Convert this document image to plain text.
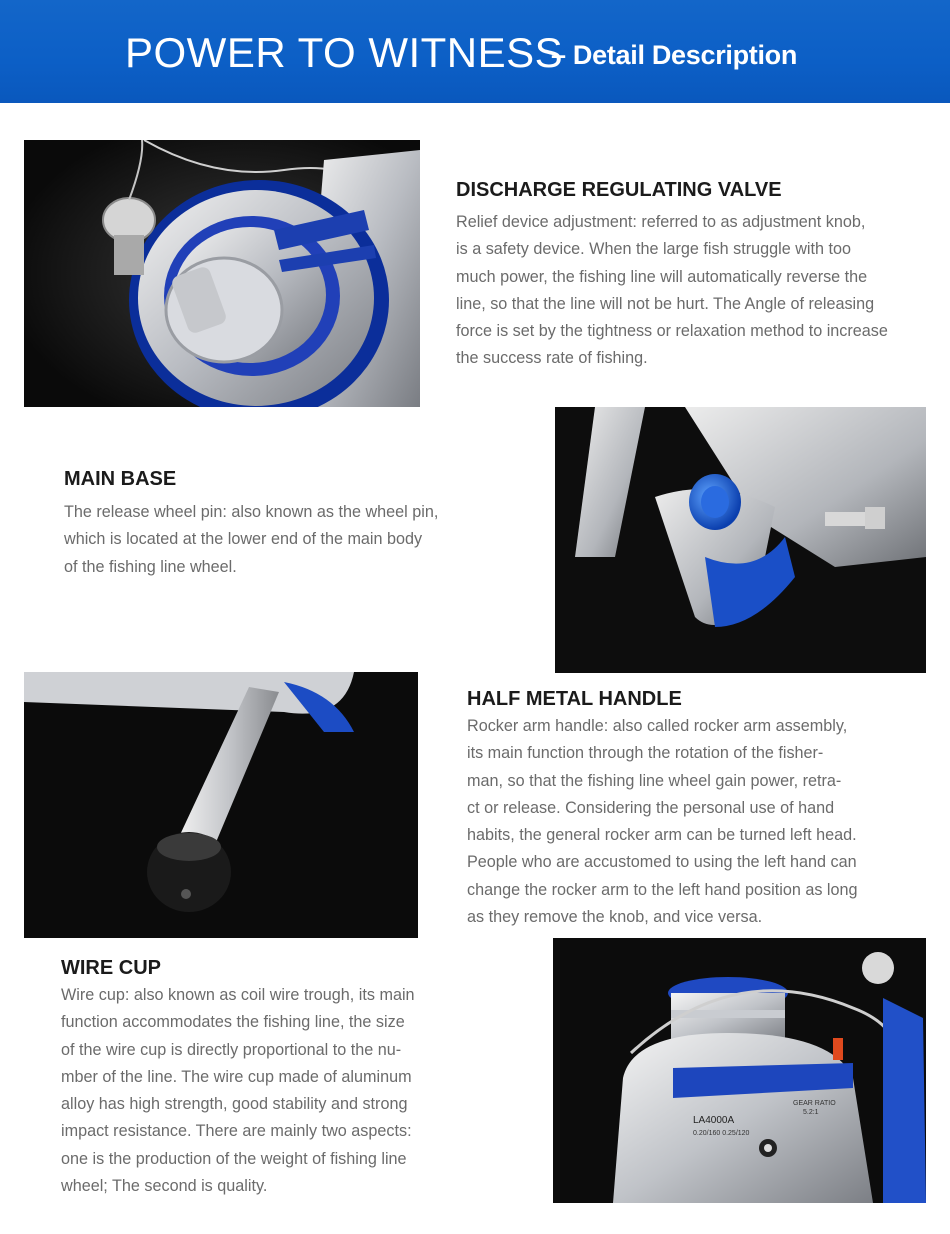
POWER TO WITNESS
– Detail Description
DISCHARGE REGULATING VALVE

Relief device adjustment: referred to as adjustment knob,

is a safety device. When the large fish struggle with too

much power, the fishing line will automatically reverse the

line, so that the line will not be hurt. The Angle of releasing

force is set by the tightness or relaxation method to increase

the success rate of fishing.

MAIN BASE

The release wheel pin: also known as the wheel pin,

which is located at the lower end of the main body

of the fishing line wheel.

HALF METAL HANDLE

Rocker arm handle: also called rocker arm assembly,

its main function through the rotation of the fisher-

man, so that the fishing line wheel gain power, retra-

ct or release. Considering the personal use of hand

habits, the general rocker arm can be turned left head.

People who are accustomed to using the left hand can

change the rocker arm to the left hand position as long

as they remove the knob, and vice versa.

WIRE CUP

Wire cup: also known as coil wire trough, its main

function accommodates the fishing line, the size

of the wire cup is directly proportional to the nu-

mber of the line. The wire cup made of aluminum

alloy has high strength, good stability and strong

impact resistance. There are mainly two aspects:

one is the production of the weight of fishing line

wheel; The second is quality.

GEAR RATIO
5.2:1
LA4000A
0.20/160 0.25/120
